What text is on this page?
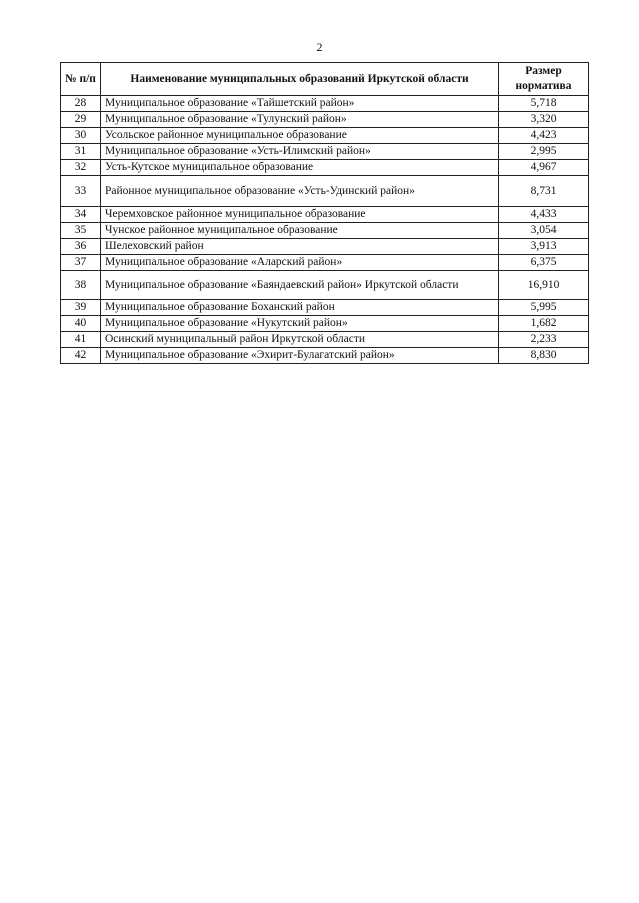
2
№ п/п	Наименование муниципальных образований Иркутской области	Размер норматива
28	Муниципальное образование «Тайшетский район»	5,718
29	Муниципальное образование «Тулунский район»	3,320
30	Усольское районное муниципальное образование	4,423
31	Муниципальное образование «Усть-Илимский район»	2,995
32	Усть-Кутское муниципальное образование	4,967
33	Районное муниципальное образование «Усть-Удинский район»	8,731
34	Черемховское районное муниципальное образование	4,433
35	Чунское районное муниципальное образование	3,054
36	Шелеховский район	3,913
37	Муниципальное образование «Аларский район»	6,375
38	Муниципальное образование «Баяндаевский район» Иркутской области	16,910
39	Муниципальное образование Боханский район	5,995
40	Муниципальное образование «Нукутский район»	1,682
41	Осинский муниципальный район Иркутской области	2,233
42	Муниципальное образование «Эхирит-Булагатский район»	8,830
